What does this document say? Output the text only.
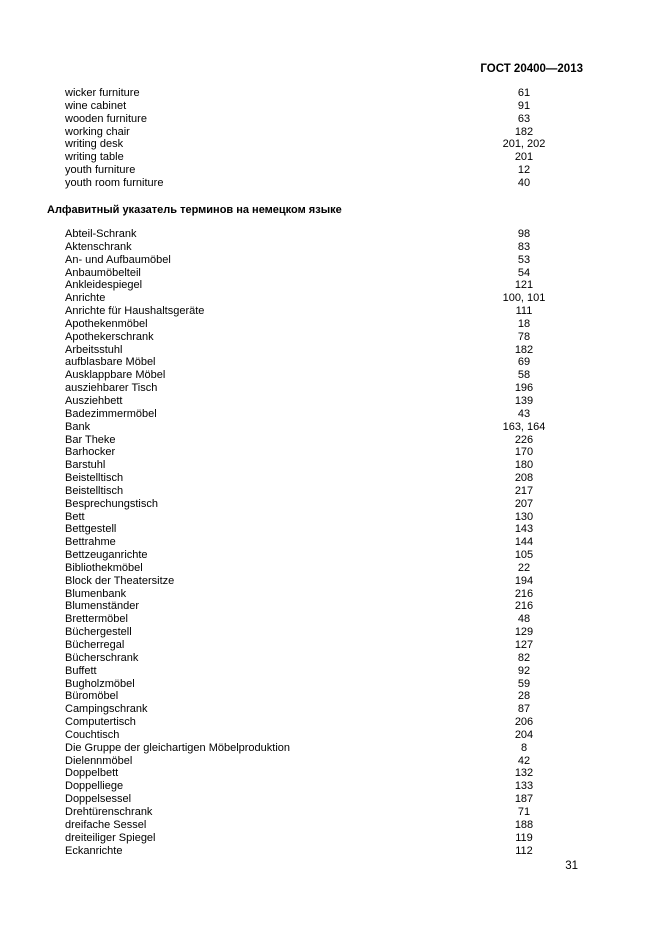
ГОСТ 20400—2013
wicker furniture	61
wine cabinet	91
wooden furniture	63
working chair	182
writing desk	201, 202
writing table	201
youth furniture	12
youth room furniture	40
Алфавитный указатель терминов на немецком языке
Abteil-Schrank	98
Aktenschrank	83
An- und Aufbaumöbel	53
Anbaumöbelteil	54
Ankleidespiegel	121
Anrichte	100, 101
Anrichte für Haushaltsgeräte	111
Apothekenmöbel	18
Apothekerschrank	78
Arbeitsstuhl	182
aufblasbare Möbel	69
Ausklappbare Möbel	58
ausziehbarer Tisch	196
Ausziehbett	139
Badezimmermöbel	43
Bank	163, 164
Bar Theke	226
Barhocker	170
Barstuhl	180
Beistelltisch	208
Beistelltisch	217
Besprechungstisch	207
Bett	130
Bettgestell	143
Bettrahme	144
Bettzeuganrichte	105
Bibliothekmöbel	22
Block der Theatersitze	194
Blumenbank	216
Blumenständer	216
Brettermöbel	48
Büchergestell	129
Bücherregal	127
Bücherschrank	82
Buffett	92
Bugholzmöbel	59
Büromöbel	28
Campingschrank	87
Computertisch	206
Couchtisch	204
Die Gruppe der gleichartigen Möbelproduktion	8
Dielennmöbel	42
Doppelbett	132
Doppelliege	133
Doppelsessel	187
Drehtürenschrank	71
dreifache Sessel	188
dreiteiliger Spiegel	119
Eckanrichte	112
31
